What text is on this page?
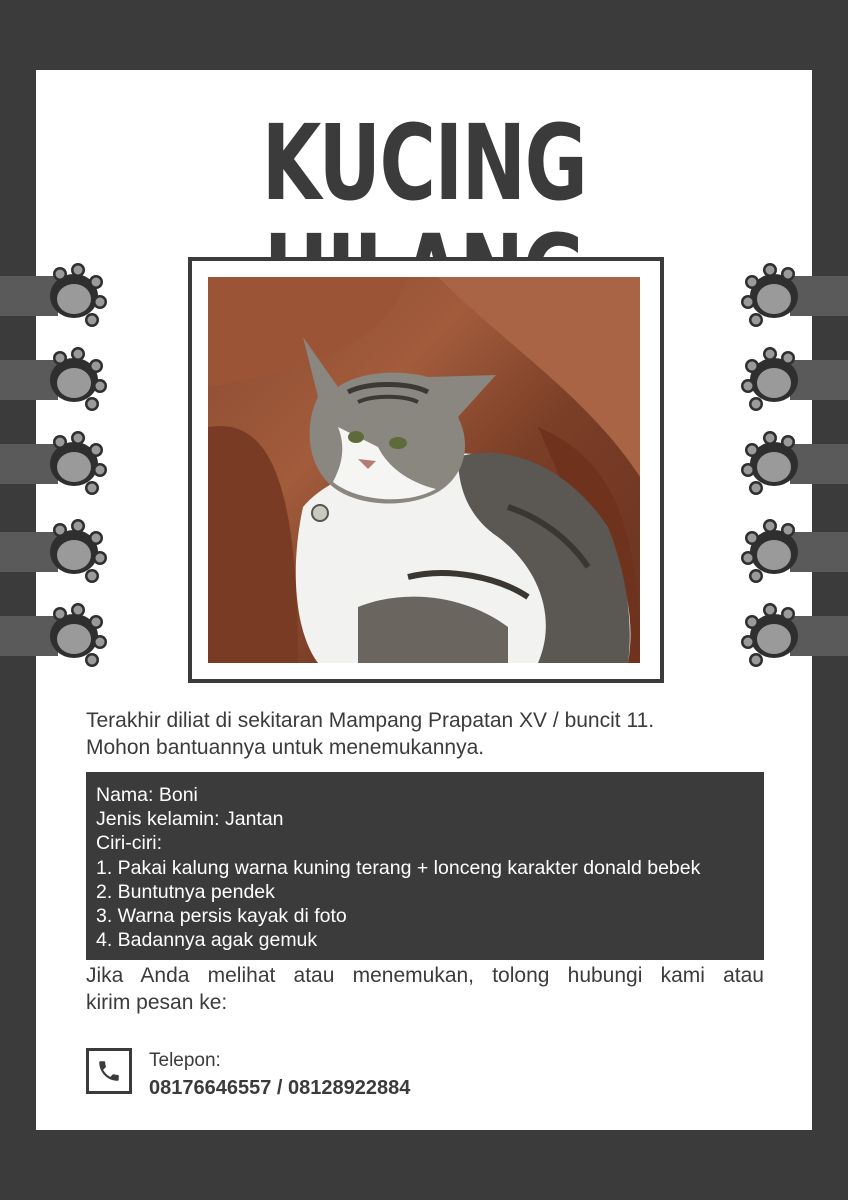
KUCING

Terakhir diliat di sekitaran Mampang Prapatan XV / buncit 11.
Mohon bantuannya untuk menemukannya.

Nama: Boni
Jenis kelamin: Jantan
Ciri-ciri:
1. Pakai kalung warna kuning terang + lonceng karakter donald bebek
2. Buntutnya pendek
3. Warna persis kayak di foto
4. Badannya agak gemuk

Jika Anda melihat atau menemukan, tolong hubungi kami atau
kirim pesan ke:

Telepon:
08176646557 / 08128922884
